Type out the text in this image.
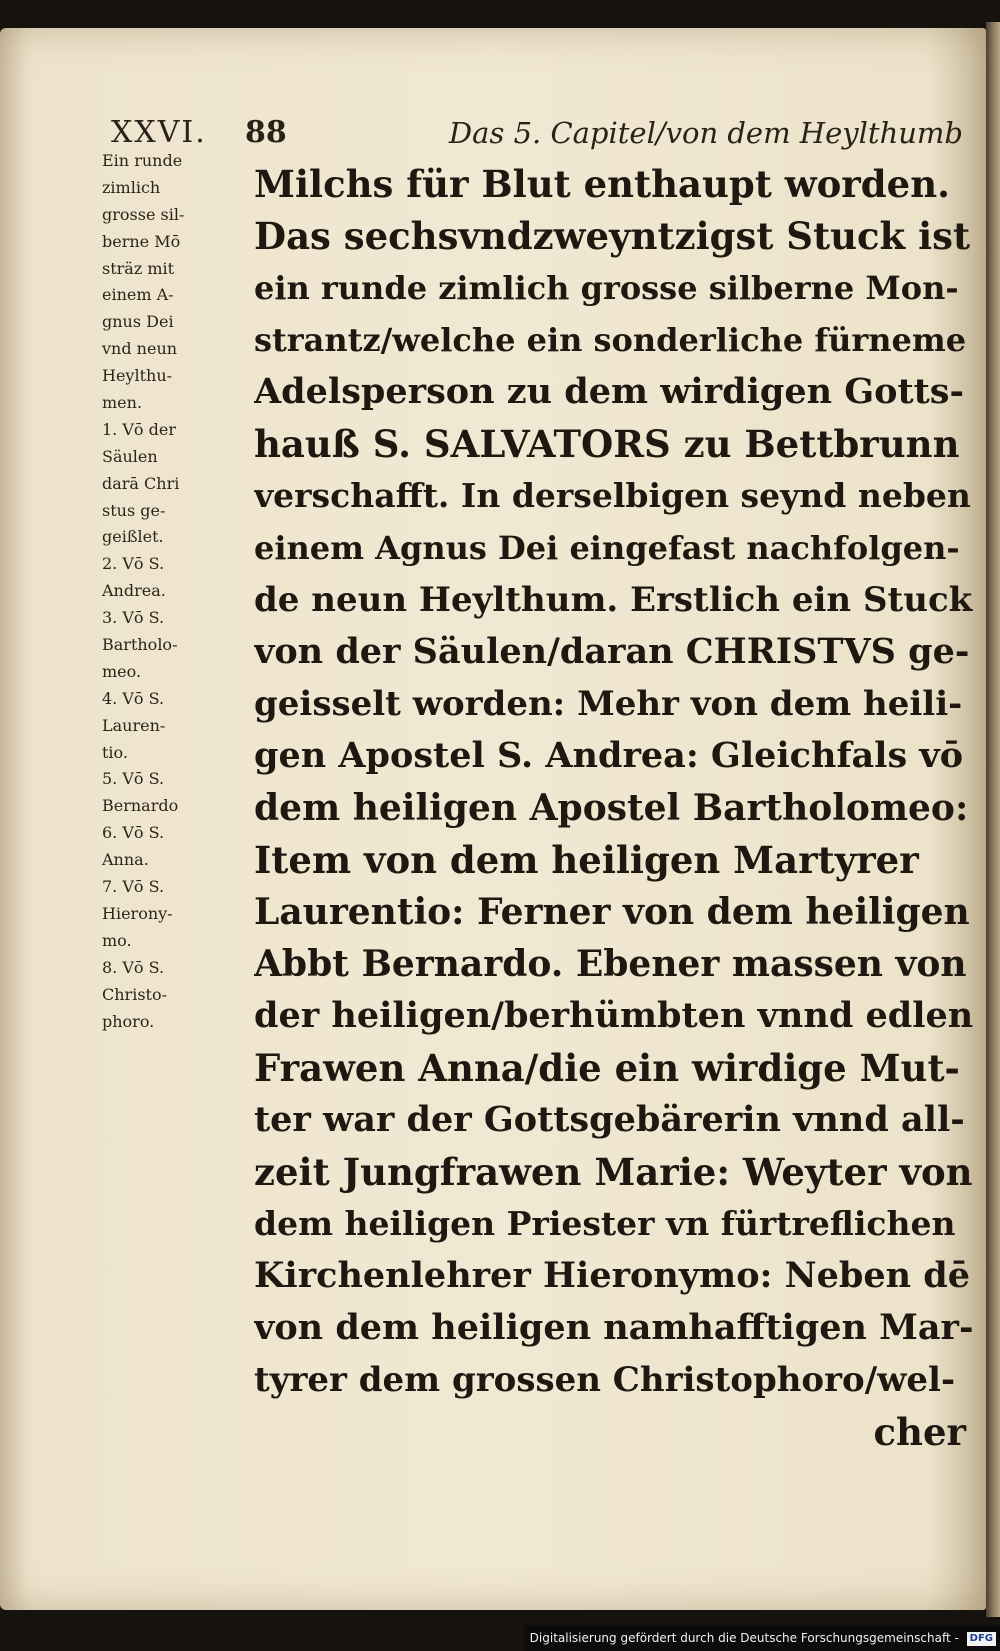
XXVI. 88	Das 5. Capitel/von dem Heylthumb
Ein runde
zimlich
grosse sil-
berne Mō
sträz mit
einem A-
gnus Dei
vnd neun
Heylthu-
men.
1. Vō der
Säulen
darā Chri
stus ge-
geißlet.
2. Vō S.
Andrea.
3. Vō S.
Bartholo-
meo.
4. Vō S.
Lauren-
tio.
5. Vō S.
Bernardo
6. Vō S.
Anna.
7. Vō S.
Hierony-
mo.
8. Vō S.
Christo-
phoro.
Milchs für Blut enthaupt worden.
Das sechsvndzweyntzigst Stuck ist
ein runde zimlich grosse silberne Mon-
strantz/welche ein sonderliche fürneme
Adelsperson zu dem wirdigen Gotts-
hauß S. SALVATORS zu Bettbrunn
verschafft. In derselbigen seynd neben
einem Agnus Dei eingefast nachfolgen-
de neun Heylthum. Erstlich ein Stuck
von der Säulen/daran CHRISTVS ge-
geisselt worden: Mehr von dem heili-
gen Apostel S. Andrea: Gleichfals vō
dem heiligen Apostel Bartholomeo:
Item von dem heiligen Martyrer
Laurentio: Ferner von dem heiligen
Abbt Bernardo. Ebener massen von
der heiligen/berhümbten vnnd edlen
Frawen Anna/die ein wirdige Mut-
ter war der Gottsgebärerin vnnd all-
zeit Jungfrawen Marie: Weyter von
dem heiligen Priester vn fürtreflichen
Kirchenlehrer Hieronymo: Neben dē
von dem heiligen namhafftigen Mar-
tyrer dem grossen Christophoro/wel-
cher
Digitalisierung gefördert durch die Deutsche Forschungsgemeinschaft - DFG
